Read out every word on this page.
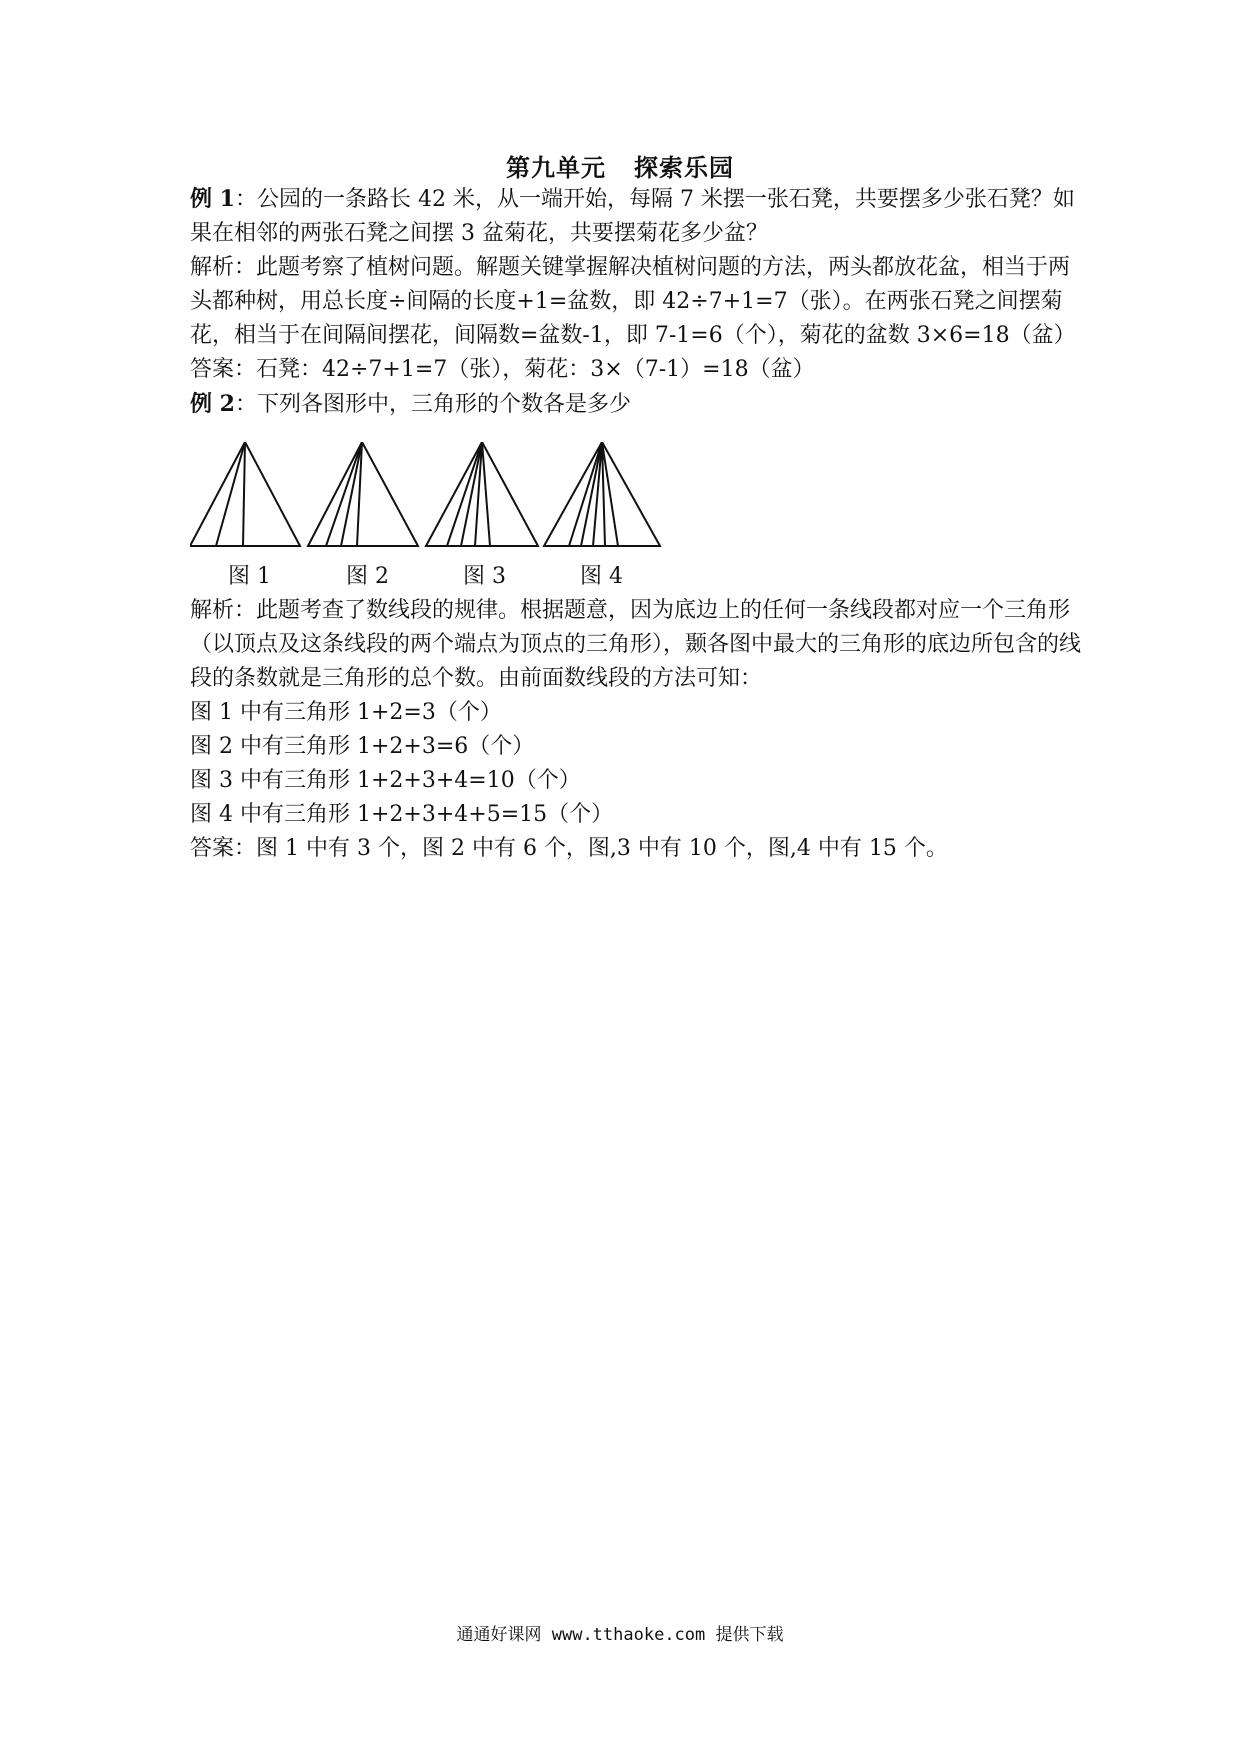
第九单元 探索乐园

例 1：公园的一条路长 42 米，从一端开始，每隔 7 米摆一张石凳，共要摆多少张石凳？如果在相邻的两张石凳之间摆 3 盆菊花，共要摆菊花多少盆？

解析：此题考察了植树问题。解题关键掌握解决植树问题的方法，两头都放花盆，相当于两头都种树，用总长度÷间隔的长度+1=盆数，即 42÷7+1=7（张）。在两张石凳之间摆菊花，相当于在间隔间摆花，间隔数=盆数-1，即 7-1=6（个），菊花的盆数 3×6=18（盆）

答案：石凳：42÷7+1=7（张），菊花：3×（7-1）=18（盆）

例 2：下列各图形中，三角形的个数各是多少

图 1	图 2	图 3	图 4

解析：此题考查了数线段的规律。根据题意，因为底边上的任何一条线段都对应一个三角形（以顶点及这条线段的两个端点为顶点的三角形），颞各图中最大的三角形的底边所包含的线段的条数就是三角形的总个数。由前面数线段的方法可知：

图 1 中有三角形 1+2=3（个）

图 2 中有三角形 1+2+3=6（个）

图 3 中有三角形 1+2+3+4=10（个）

图 4 中有三角形 1+2+3+4+5=15（个）

答案：图 1 中有 3 个，图 2 中有 6 个，图,3 中有 10 个，图,4 中有 15 个。

通通好课网 www.tthaoke.com 提供下载
